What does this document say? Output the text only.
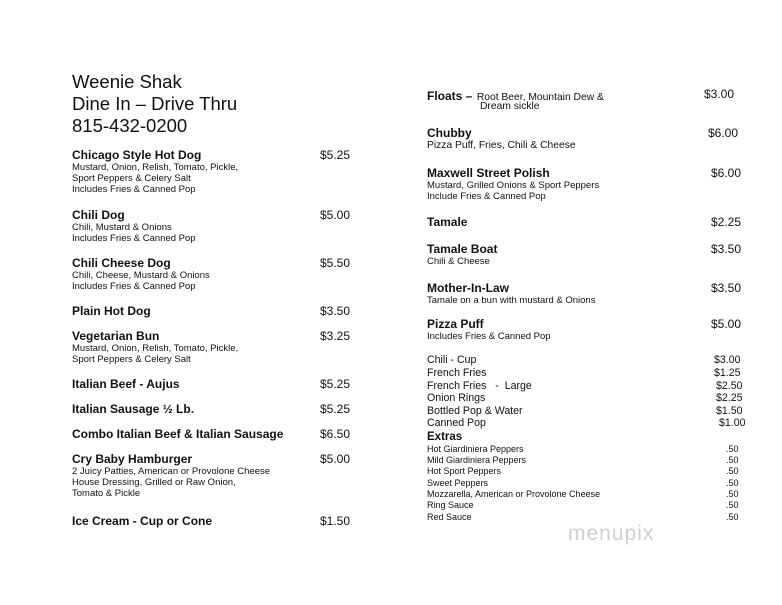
Weenie Shak
Dine In – Drive Thru
815-432-0200
Chicago Style Hot Dog	$5.25
Mustard, Onion, Relish, Tomato, Pickle,
Sport Peppers & Celery Salt
Includes Fries & Canned Pop
Chili Dog	$5.00
Chili, Mustard & Onions
Includes Fries & Canned Pop
Chili Cheese Dog	$5.50
Chili, Cheese, Mustard & Onions
Includes Fries & Canned Pop
Plain Hot Dog	$3.50
Vegetarian Bun	$3.25
Mustard, Onion, Relish, Tomato, Pickle,
Sport Peppers & Celery Salt
Italian Beef - Aujus	$5.25
Italian Sausage ½ Lb.	$5.25
Combo Italian Beef & Italian Sausage	$6.50
Cry Baby Hamburger	$5.00
2 Juicy Patties, American or Provolone Cheese
House Dressing, Grilled or Raw Onion,
Tomato & Pickle
Ice Cream - Cup or Cone	$1.50
Floats – Root Beer, Mountain Dew &
Dream sickle
$3.00
Chubby	$6.00
Pizza Puff, Fries, Chili & Cheese
Maxwell Street Polish	$6.00
Mustard, Grilled Onions & Sport Peppers
Include Fries & Canned Pop
Tamale	$2.25
Tamale Boat	$3.50
Chili & Cheese
Mother-In-Law	$3.50
Tamale on a bun with mustard & Onions
Pizza Puff	$5.00
Includes Fries & Canned Pop
Chili - Cup	$3.00
French Fries	$1.25
French Fries   -  Large	$2.50
Onion Rings	$2.25
Bottled Pop & Water	$1.50
Canned Pop	$1.00
Extras
Hot Giardiniera Peppers	.50
Mild Giardiniera Peppers	.50
Hot Sport Peppers	.50
Sweet Peppers	.50
Mozzarella, American or Provolone Cheese	.50
Ring Sauce	.50
Red Sauce	.50
menupix
